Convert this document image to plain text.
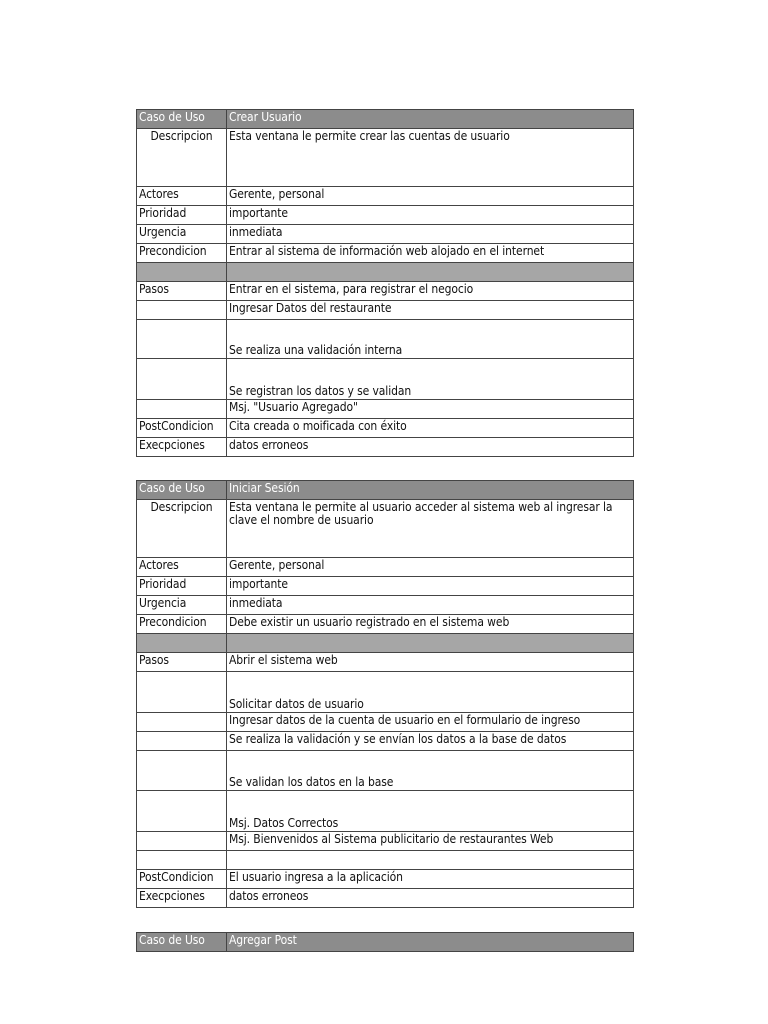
Caso de Uso	Crear Usuario
Descripcion	Esta ventana le permite crear las cuentas de usuario
Actores	Gerente, personal
Prioridad	importante
Urgencia	inmediata
Precondicion	Entrar al sistema de información web alojado en el internet

Pasos	Entrar en el sistema, para registrar el negocio
	Ingresar Datos del restaurante
	Se realiza una validación interna
	Se registran los datos y se validan
	Msj. "Usuario Agregado"
PostCondicion	Cita creada o moificada con éxito
Execpciones	datos erroneos
Caso de Uso	Iniciar Sesión
Descripcion	Esta ventana le permite al usuario acceder al sistema web al ingresar la clave el nombre de usuario
Actores	Gerente, personal
Prioridad	importante
Urgencia	inmediata
Precondicion	Debe existir un usuario registrado en el sistema web

Pasos	Abrir el sistema web
	Solicitar datos de usuario
	Ingresar datos de la cuenta de usuario en el formulario de ingreso
	Se realiza la validación y se envían los datos a la base de datos
	Se validan los datos en la base
	Msj. Datos Correctos
	Msj. Bienvenidos al Sistema publicitario de restaurantes Web

PostCondicion	El usuario ingresa a la aplicación
Execpciones	datos erroneos
Caso de Uso	Agregar Post
